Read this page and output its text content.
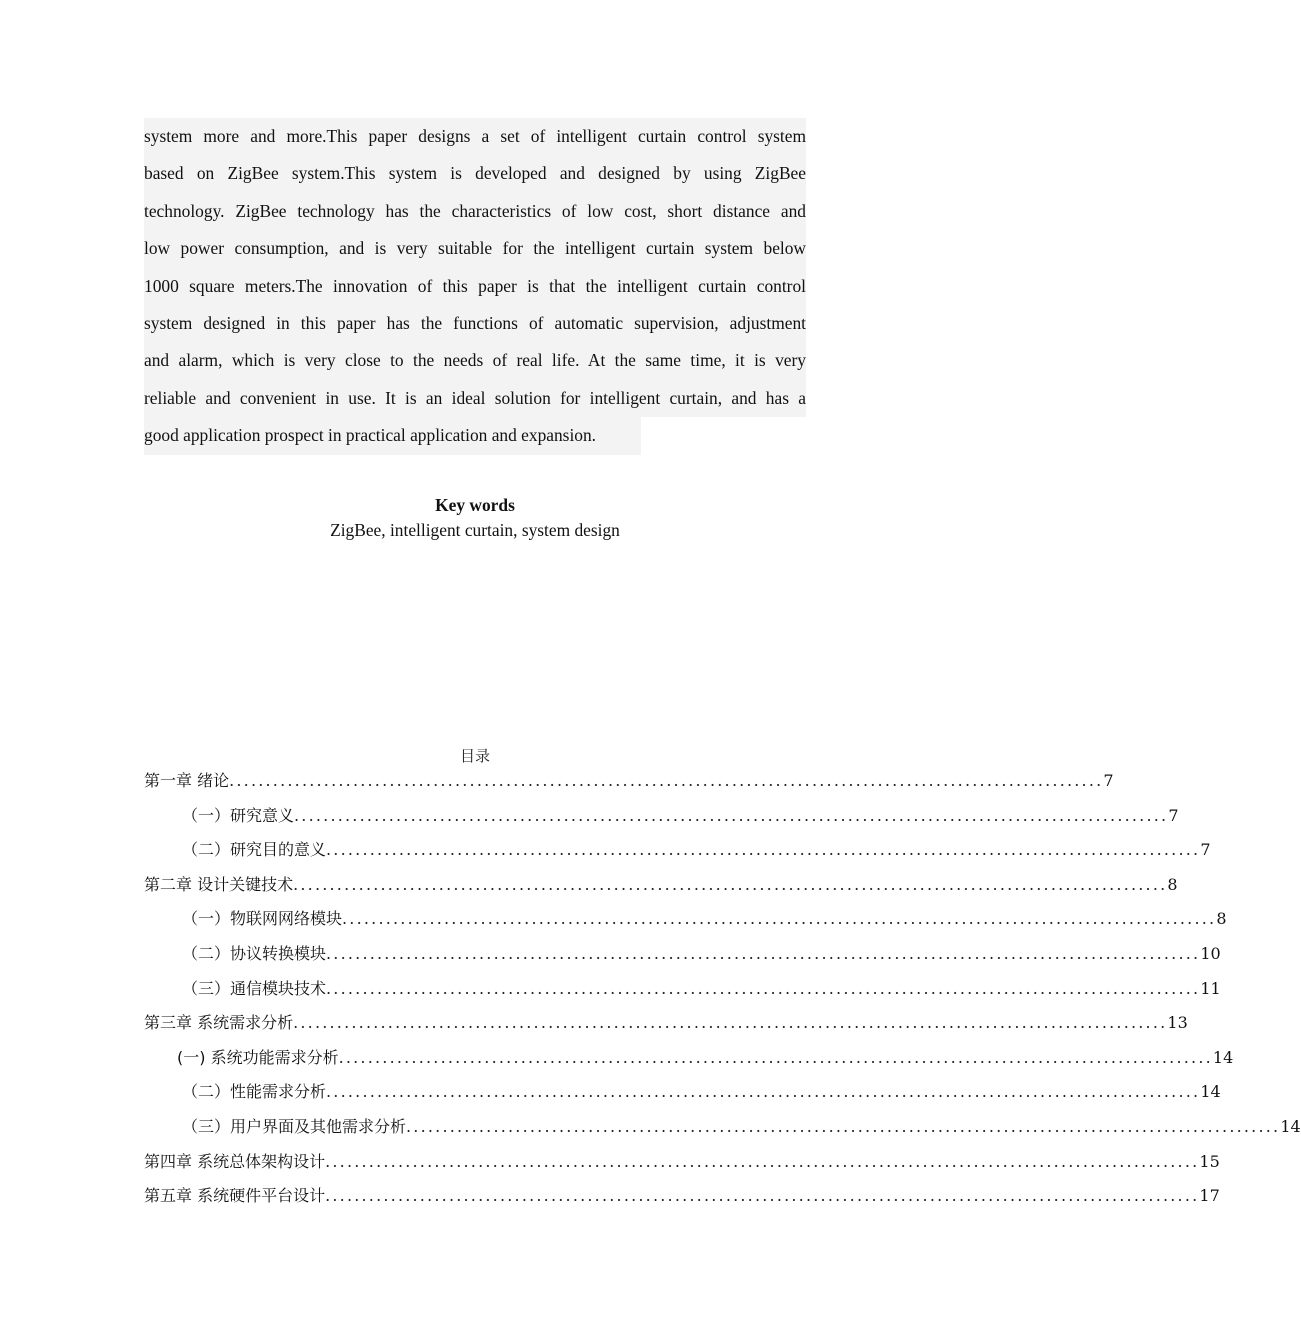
system more and more.This paper designs a set of intelligent curtain control system
based on ZigBee system.This system is developed and designed by using ZigBee
technology. ZigBee technology has the characteristics of low cost, short distance and
low power consumption, and is very suitable for the intelligent curtain system below
1000 square meters.The innovation of this paper is that the intelligent curtain control
system designed in this paper has the functions of automatic supervision, adjustment
and alarm, which is very close to the needs of real life. At the same time, it is very
reliable and convenient in use. It is an ideal solution for intelligent curtain, and has a
good application prospect in practical application and expansion.
Key words
ZigBee, intelligent curtain, system design
目录
第一章 绪论 ........................................................................................................................ 7
（一）研究意义 ........................................................................................................................ 7
（二）研究目的意义 ........................................................................................................................ 7
第二章 设计关键技术 ........................................................................................................................ 8
（一）物联网网络模块 ........................................................................................................................ 8
（二）协议转换模块 ........................................................................................................................ 10
（三）通信模块技术 ........................................................................................................................ 11
第三章 系统需求分析 ........................................................................................................................ 13
(一) 系统功能需求分析 ........................................................................................................................ 14
（二）性能需求分析 ........................................................................................................................ 14
（三）用户界面及其他需求分析 ........................................................................................................................ 14
第四章 系统总体架构设计 ........................................................................................................................ 15
第五章 系统硬件平台设计 ........................................................................................................................ 17
